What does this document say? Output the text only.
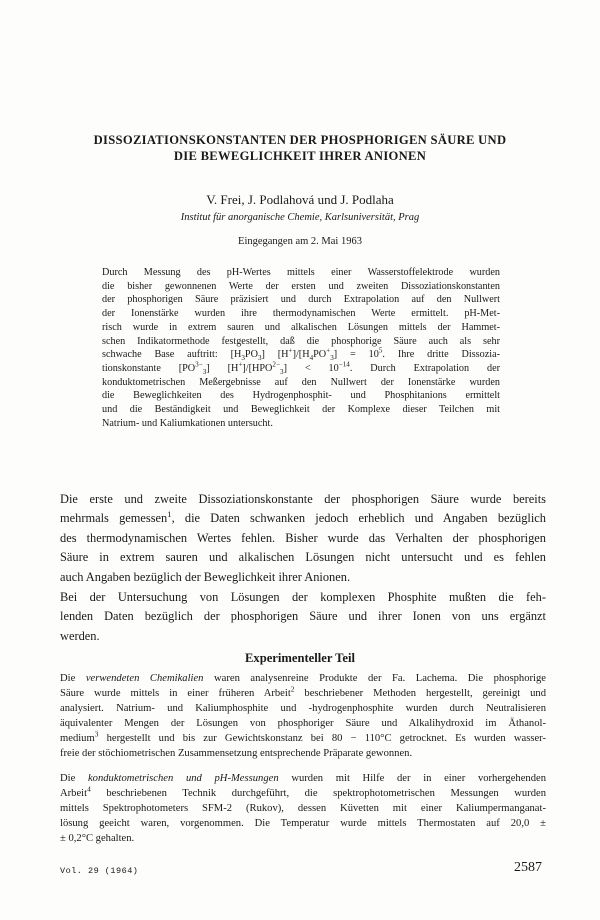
DISSOZIATIONSKONSTANTEN DER PHOSPHORIGEN SÄURE UND
DIE BEWEGLICHKEIT IHRER ANIONEN

V. Frei, J. Podlahová und J. Podlaha

Institut für anorganische Chemie, Karlsuniversität, Prag

Eingegangen am 2. Mai 1963

Durch Messung des pH-Wertes mittels einer Wasserstoffelektrode wurden
die bisher gewonnenen Werte der ersten und zweiten Dissoziationskonstanten
der phosphorigen Säure präzisiert und durch Extrapolation auf den Nullwert
der Ionenstärke wurden ihre thermodynamischen Werte ermittelt. pH-Met-
risch wurde in extrem sauren und alkalischen Lösungen mittels der Hammet-
schen Indikatormethode festgestellt, daß die phosphorige Säure auch als sehr
schwache Base auftritt: $[H_3PO_3] [H^+]/[H_4PO^+_3] = 10^5$. Ihre dritte Dissozia-
tionskonstante $[PO^{3-}_3] [H^+]/[HPO^{2-}_3] < 10^{-14}$. Durch Extrapolation der
konduktometrischen Meßergebnisse auf den Nullwert der Ionenstärke wurden
die Beweglichkeiten des Hydrogenphosphit- und Phosphitanions ermittelt
und die Beständigkeit und Beweglichkeit der Komplexe dieser Teilchen mit
Natrium- und Kaliumkationen untersucht.
Die erste und zweite Dissoziationskonstante der phosphorigen Säure wurde bereits
mehrmals gemessen$^1$, die Daten schwanken jedoch erheblich und Angaben bezüglich
des thermodynamischen Wertes fehlen. Bisher wurde das Verhalten der phosphorigen
Säure in extrem sauren und alkalischen Lösungen nicht untersucht und es fehlen
auch Angaben bezüglich der Beweglichkeit ihrer Anionen.
Bei der Untersuchung von Lösungen der komplexen Phosphite mußten die feh-
lenden Daten bezüglich der phosphorigen Säure und ihrer Ionen von uns ergänzt
werden.
Experimenteller Teil
Die verwendeten Chemikalien waren analysenreine Produkte der Fa. Lachema. Die phosphorige
Säure wurde mittels in einer früheren Arbeit$^2$ beschriebener Methoden hergestellt, gereinigt und
analysiert. Natrium- und Kaliumphosphite und -hydrogenphosphite wurden durch Neutralisieren
äquivalenter Mengen der Lösungen von phosphoriger Säure und Alkalihydroxid im Äthanol-
medium$^3$ hergestellt und bis zur Gewichtskonstanz bei 80 − 110°C getrocknet. Es wurden wasser-
freie der stöchiometrischen Zusammensetzung entsprechende Präparate gewonnen.
Die konduktometrischen und pH-Messungen wurden mit Hilfe der in einer vorhergehenden
Arbeit$^4$ beschriebenen Technik durchgeführt, die spektrophotometrischen Messungen wurden
mittels Spektrophotometers SFM-2 (Rukov), dessen Küvetten mit einer Kaliumpermanganat-
lösung geeicht waren, vorgenommen. Die Temperatur wurde mittels Thermostaten auf 20,0 ±
± 0,2°C gehalten.
Vol. 29 (1964)	2587
